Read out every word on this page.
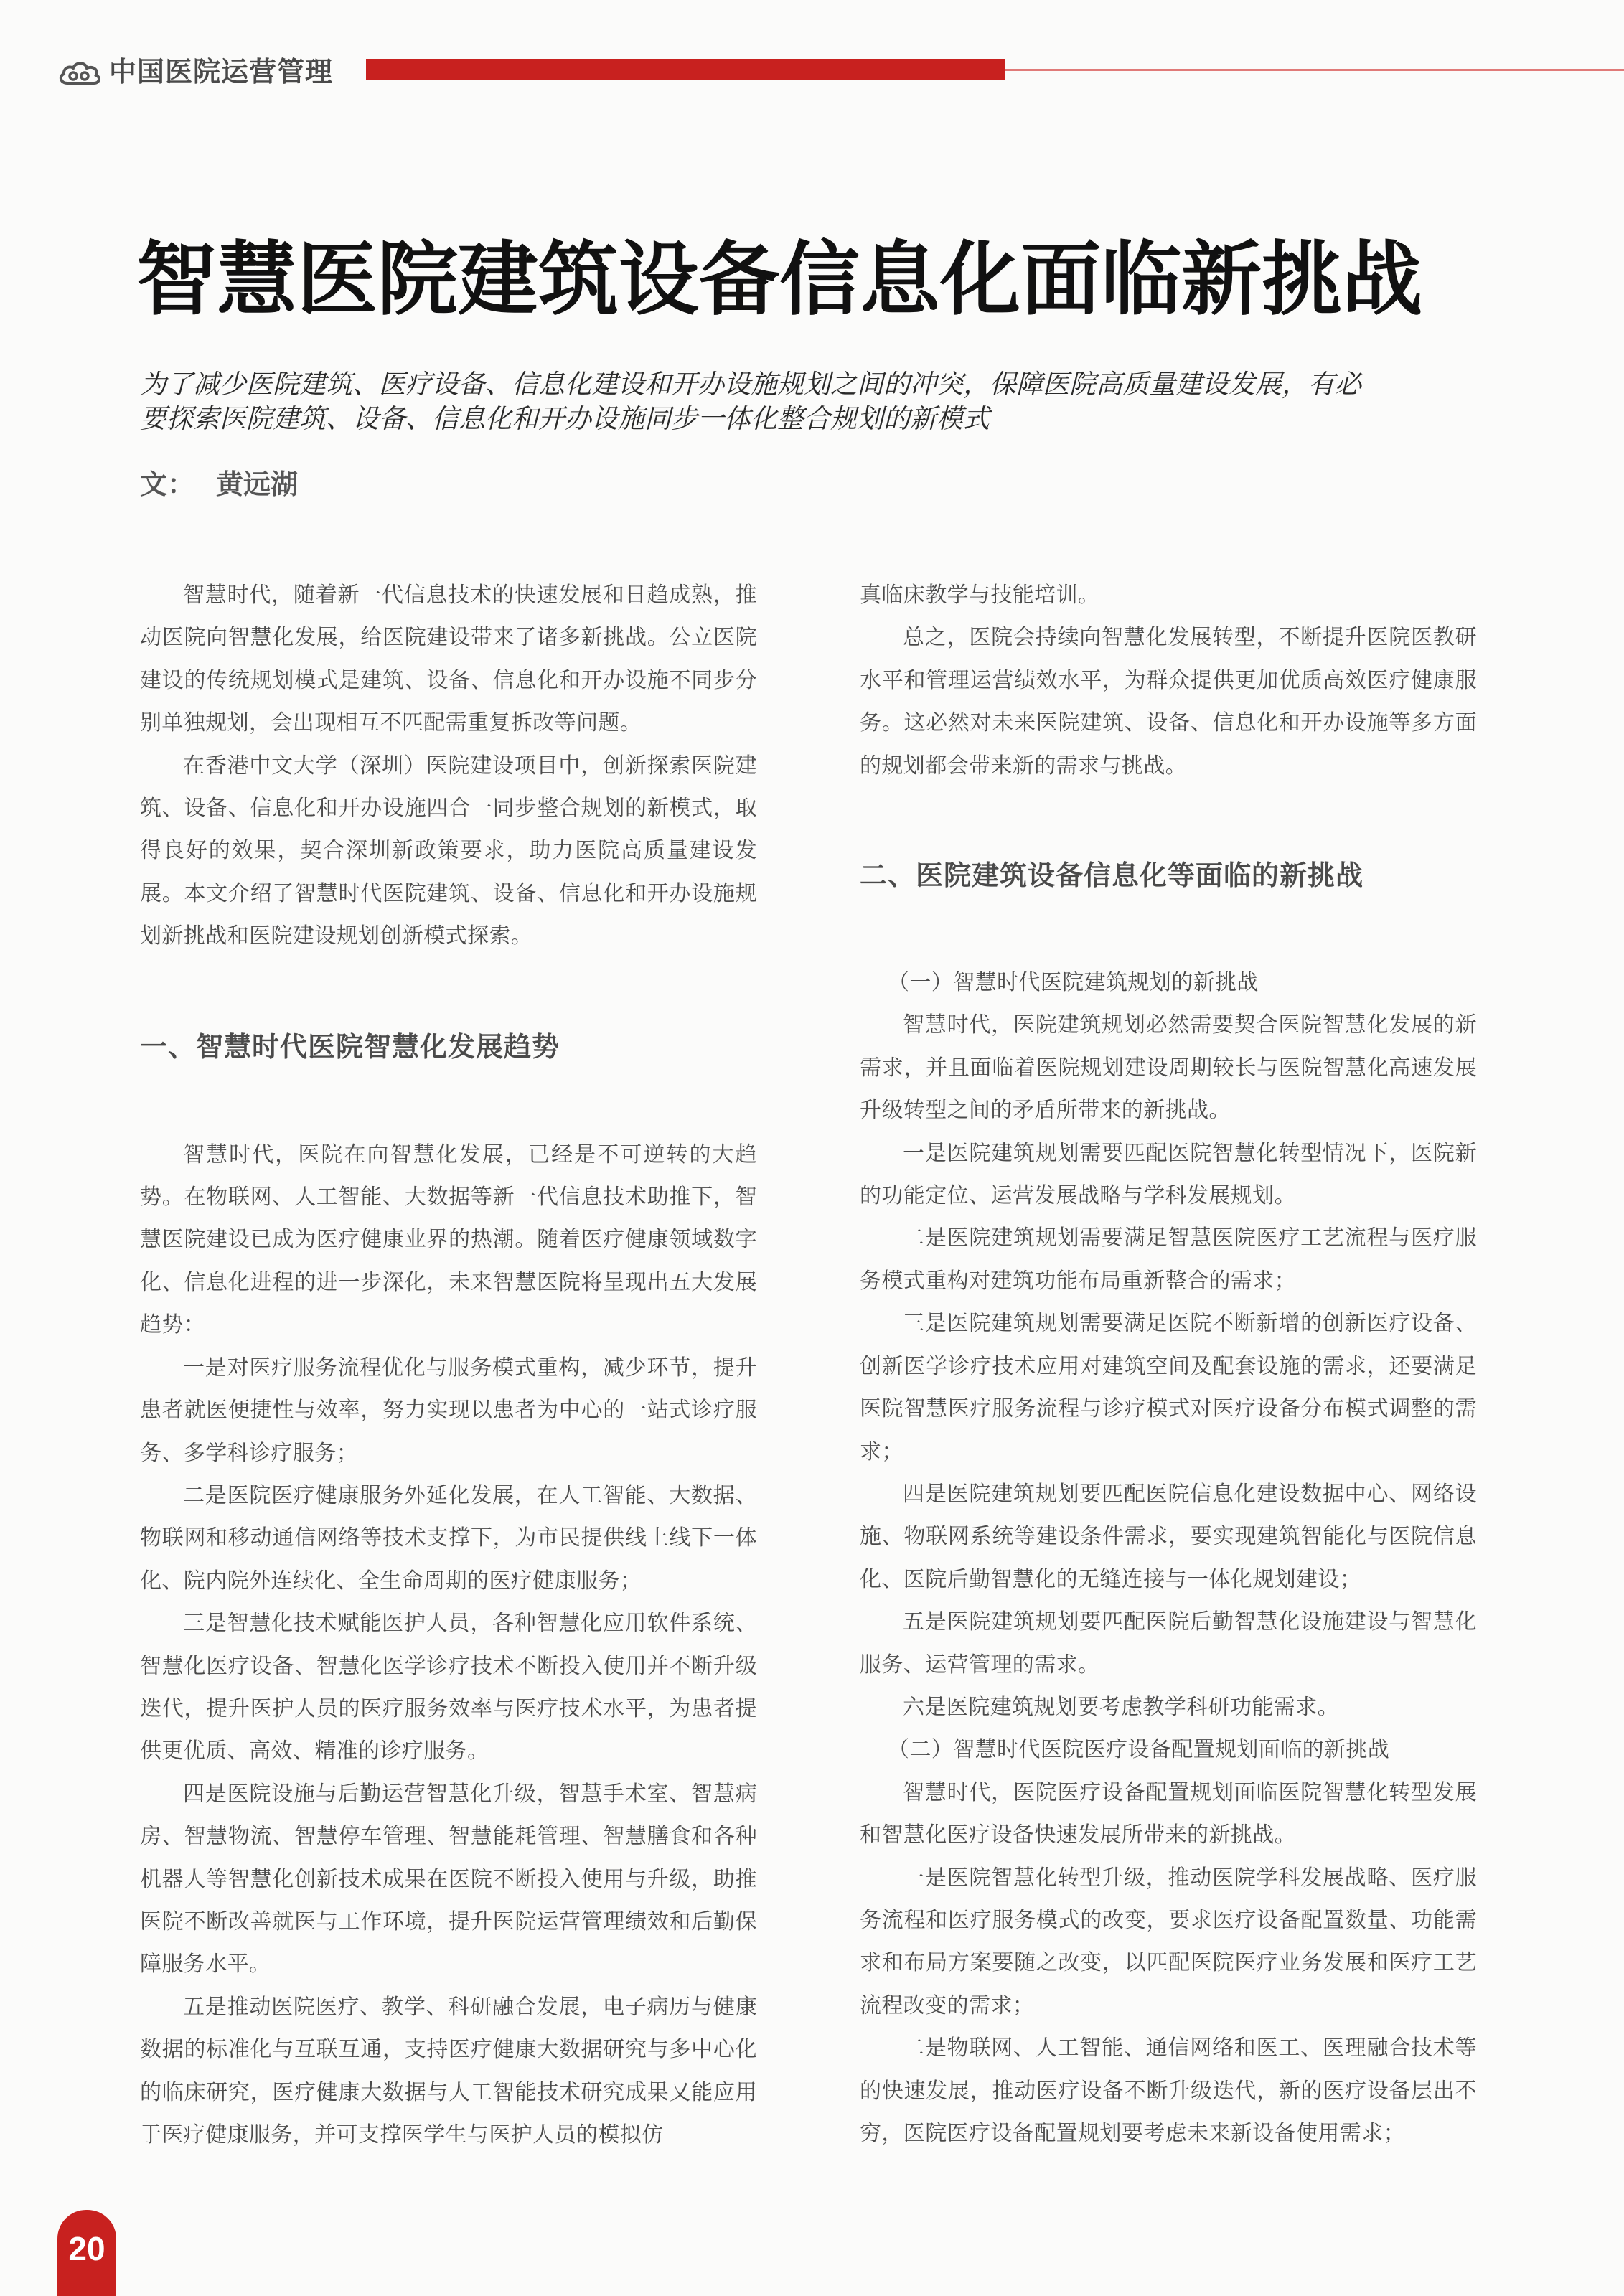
中国医院运营管理
智慧医院建筑设备信息化面临新挑战
为了减少医院建筑、医疗设备、信息化建设和开办设施规划之间的冲突，保障医院高质量建设发展，有必
要探索医院建筑、设备、信息化和开办设施同步一体化整合规划的新模式
文： 黄远湖

智慧时代，随着新一代信息技术的快速发展和日趋成熟，推动医院向智慧化发展，给医院建设带来了诸多新挑战。公立医院建设的传统规划模式是建筑、设备、信息化和开办设施不同步分别单独规划，会出现相互不匹配需重复拆改等问题。

在香港中文大学（深圳）医院建设项目中，创新探索医院建筑、设备、信息化和开办设施四合一同步整合规划的新模式，取得良好的效果，契合深圳新政策要求，助力医院高质量建设发展。本文介绍了智慧时代医院建筑、设备、信息化和开办设施规划新挑战和医院建设规划创新模式探索。

一、智慧时代医院智慧化发展趋势

智慧时代，医院在向智慧化发展，已经是不可逆转的大趋势。在物联网、人工智能、大数据等新一代信息技术助推下，智慧医院建设已成为医疗健康业界的热潮。随着医疗健康领域数字化、信息化进程的进一步深化，未来智慧医院将呈现出五大发展趋势：

一是对医疗服务流程优化与服务模式重构，减少环节，提升患者就医便捷性与效率，努力实现以患者为中心的一站式诊疗服务、多学科诊疗服务；

二是医院医疗健康服务外延化发展，在人工智能、大数据、物联网和移动通信网络等技术支撑下，为市民提供线上线下一体化、院内院外连续化、全生命周期的医疗健康服务；

三是智慧化技术赋能医护人员，各种智慧化应用软件系统、智慧化医疗设备、智慧化医学诊疗技术不断投入使用并不断升级迭代，提升医护人员的医疗服务效率与医疗技术水平，为患者提供更优质、高效、精准的诊疗服务。

四是医院设施与后勤运营智慧化升级，智慧手术室、智慧病房、智慧物流、智慧停车管理、智慧能耗管理、智慧膳食和各种机器人等智慧化创新技术成果在医院不断投入使用与升级，助推医院不断改善就医与工作环境，提升医院运营管理绩效和后勤保障服务水平。

五是推动医院医疗、教学、科研融合发展，电子病历与健康数据的标准化与互联互通，支持医疗健康大数据研究与多中心化的临床研究，医疗健康大数据与人工智能技术研究成果又能应用于医疗健康服务，并可支撑医学生与医护人员的模拟仿

真临床教学与技能培训。

总之，医院会持续向智慧化发展转型，不断提升医院医教研水平和管理运营绩效水平，为群众提供更加优质高效医疗健康服务。这必然对未来医院建筑、设备、信息化和开办设施等多方面的规划都会带来新的需求与挑战。

二、医院建筑设备信息化等面临的新挑战

（一）智慧时代医院建筑规划的新挑战

智慧时代，医院建筑规划必然需要契合医院智慧化发展的新需求，并且面临着医院规划建设周期较长与医院智慧化高速发展升级转型之间的矛盾所带来的新挑战。

一是医院建筑规划需要匹配医院智慧化转型情况下，医院新的功能定位、运营发展战略与学科发展规划。

二是医院建筑规划需要满足智慧医院医疗工艺流程与医疗服务模式重构对建筑功能布局重新整合的需求；

三是医院建筑规划需要满足医院不断新增的创新医疗设备、创新医学诊疗技术应用对建筑空间及配套设施的需求，还要满足医院智慧医疗服务流程与诊疗模式对医疗设备分布模式调整的需求；

四是医院建筑规划要匹配医院信息化建设数据中心、网络设施、物联网系统等建设条件需求，要实现建筑智能化与医院信息化、医院后勤智慧化的无缝连接与一体化规划建设；

五是医院建筑规划要匹配医院后勤智慧化设施建设与智慧化服务、运营管理的需求。

六是医院建筑规划要考虑教学科研功能需求。

（二）智慧时代医院医疗设备配置规划面临的新挑战

智慧时代，医院医疗设备配置规划面临医院智慧化转型发展和智慧化医疗设备快速发展所带来的新挑战。

一是医院智慧化转型升级，推动医院学科发展战略、医疗服务流程和医疗服务模式的改变，要求医疗设备配置数量、功能需求和布局方案要随之改变，以匹配医院医疗业务发展和医疗工艺流程改变的需求；

二是物联网、人工智能、通信网络和医工、医理融合技术等的快速发展，推动医疗设备不断升级迭代，新的医疗设备层出不穷，医院医疗设备配置规划要考虑未来新设备使用需求；

20
